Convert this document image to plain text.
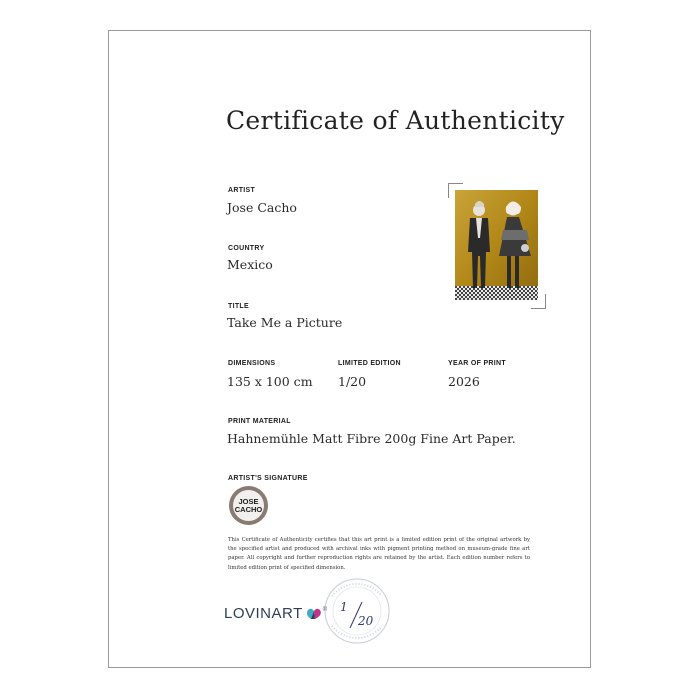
Certificate of Authenticity
ARTIST
Jose Cacho
COUNTRY
Mexico
TITLE
Take Me a Picture
DIMENSIONS
135 x 100 cm
LIMITED EDITION
1/20
YEAR OF PRINT
2026
PRINT MATERIAL
Hahnemühle Matt Fibre 200g Fine Art Paper.
ARTIST'S SIGNATURE
JOSE
CACHO
This Certificate of Authenticity certifies that this art print is a limited edition print of the original artwork by the specified artist and produced with archival inks with pigment printing method on museum-grade fine art paper. All copyright and further reproduction rights are retained by the artist. Each edition number refers to limited edition print of specified dimension.
LOVINART	® 1
20
